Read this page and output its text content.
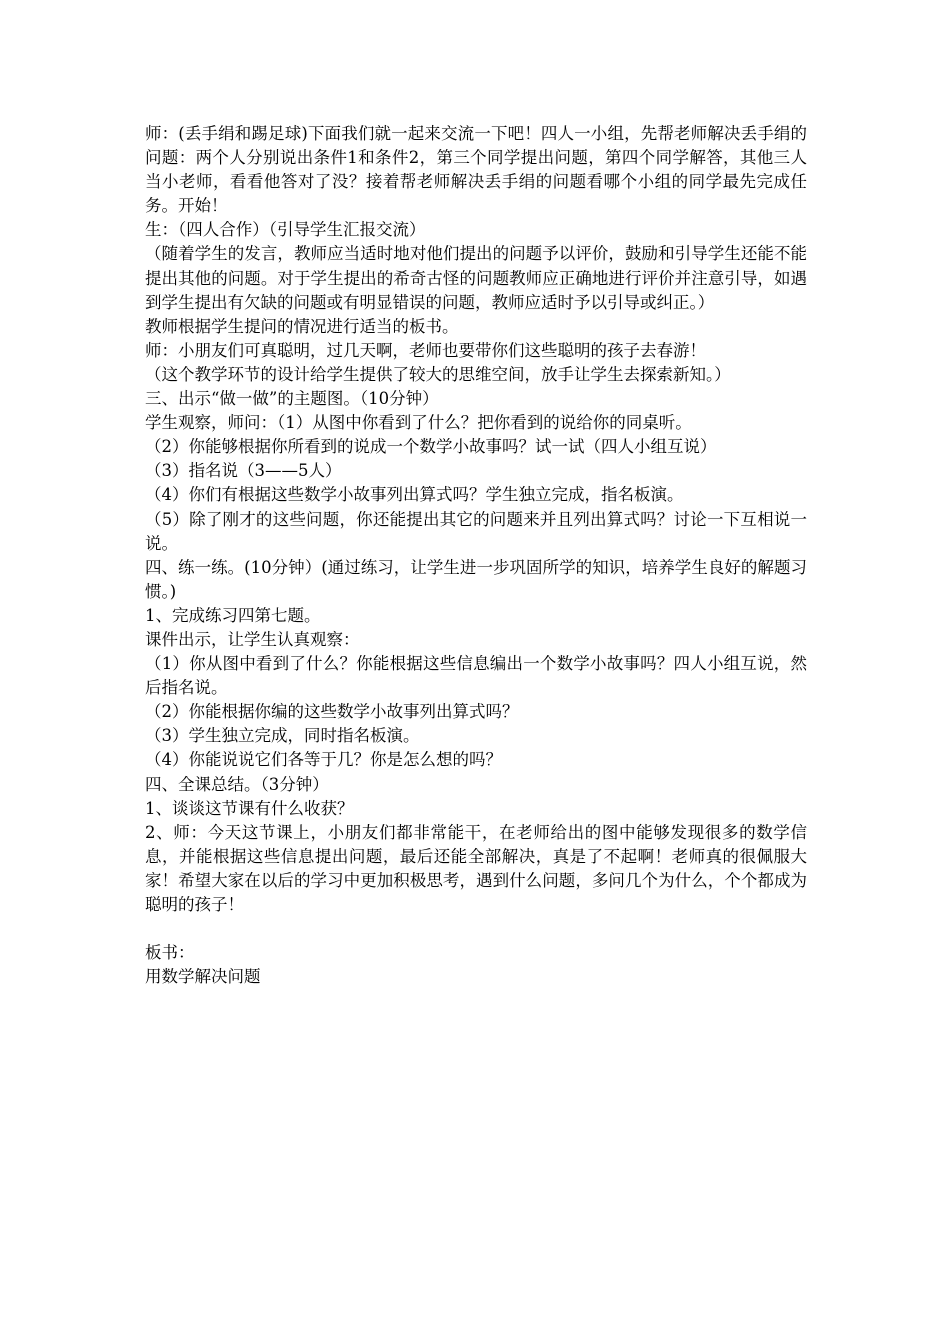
师：(丢手绢和踢足球)下面我们就一起来交流一下吧！四人一小组，先帮老师解决丢手绢的问题：两个人分别说出条件1和条件2，第三个同学提出问题，第四个同学解答，其他三人当小老师，看看他答对了没？接着帮老师解决丢手绢的问题看哪个小组的同学最先完成任务。开始！

生：（四人合作）（引导学生汇报交流）

（随着学生的发言，教师应当适时地对他们提出的问题予以评价，鼓励和引导学生还能不能提出其他的问题。对于学生提出的希奇古怪的问题教师应正确地进行评价并注意引导，如遇到学生提出有欠缺的问题或有明显错误的问题，教师应适时予以引导或纠正。）

教师根据学生提问的情况进行适当的板书。

师：小朋友们可真聪明，过几天啊，老师也要带你们这些聪明的孩子去春游！

（这个教学环节的设计给学生提供了较大的思维空间，放手让学生去探索新知。）

三、出示“做一做”的主题图。（10分钟）

学生观察，师问：（1）从图中你看到了什么？把你看到的说给你的同桌听。

（2）你能够根据你所看到的说成一个数学小故事吗？试一试（四人小组互说）

（3）指名说（3——5人）

（4）你们有根据这些数学小故事列出算式吗？学生独立完成，指名板演。

（5）除了刚才的这些问题，你还能提出其它的问题来并且列出算式吗？讨论一下互相说一说。

四、练一练。(10分钟）(通过练习，让学生进一步巩固所学的知识，培养学生良好的解题习惯。)

1、完成练习四第七题。

课件出示，让学生认真观察：

（1）你从图中看到了什么？你能根据这些信息编出一个数学小故事吗？四人小组互说，然后指名说。

（2）你能根据你编的这些数学小故事列出算式吗？

（3）学生独立完成，同时指名板演。

（4）你能说说它们各等于几？你是怎么想的吗？

四、全课总结。（3分钟）

1、谈谈这节课有什么收获？

2、师：今天这节课上，小朋友们都非常能干，在老师给出的图中能够发现很多的数学信息，并能根据这些信息提出问题，最后还能全部解决，真是了不起啊！老师真的很佩服大家！希望大家在以后的学习中更加积极思考，遇到什么问题，多问几个为什么，个个都成为聪明的孩子！

板书：

用数学解决问题
